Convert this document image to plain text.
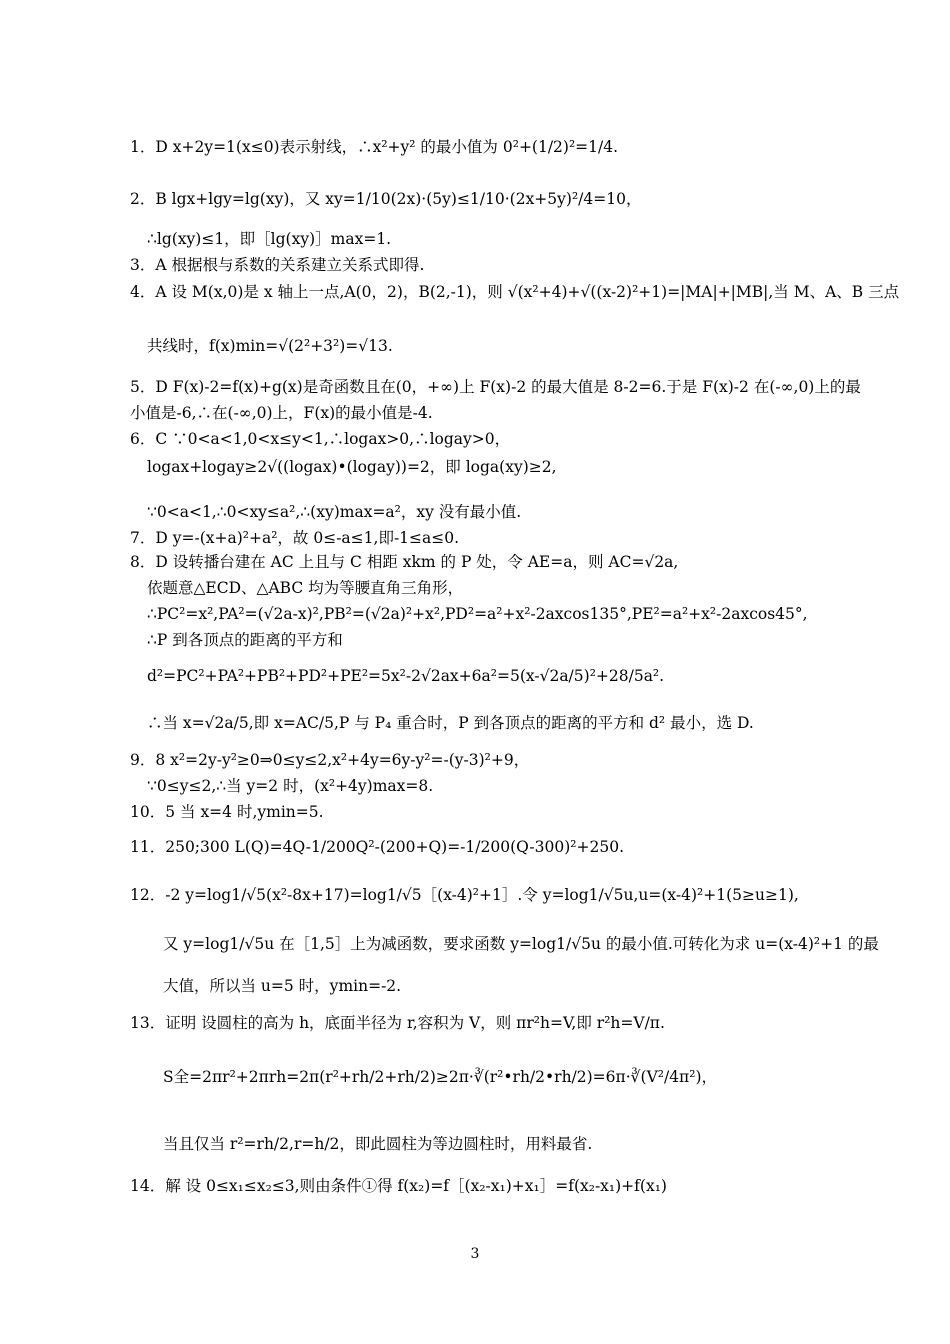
1．D x+2y=1(x≤0)表示射线，∴x²+y² 的最小值为 0²+(1/2)²=1/4.
2．B lgx+lgy=lg(xy)，又 xy=1/10(2x)·(5y)≤1/10·(2x+5y)²/4=10，
∴lg(xy)≤1，即［lg(xy)］max=1.
3．A 根据根与系数的关系建立关系式即得.
4．A 设 M(x,0)是 x 轴上一点,A(0，2)，B(2,-1)，则 √(x²+4)+√((x-2)²+1)=|MA|+|MB|,当 M、A、B 三点
共线时，f(x)min=√(2²+3²)=√13.
5．D F(x)-2=f(x)+g(x)是奇函数且在(0，+∞)上 F(x)-2 的最大值是 8-2=6.于是 F(x)-2 在(-∞,0)上的最
小值是-6,∴在(-∞,0)上，F(x)的最小值是-4.
6．C ∵0<a<1,0<x≤y<1,∴logax>0,∴logay>0，
logax+logay≥2√((logax)•(logay))=2，即 loga(xy)≥2,
∵0<a<1,∴0<xy≤a²,∴(xy)max=a²，xy 没有最小值.
7．D y=-(x+a)²+a²，故 0≤-a≤1,即-1≤a≤0.
8．D 设转播台建在 AC 上且与 C 相距 xkm 的 P 处，令 AE=a，则 AC=√2a,
依题意△ECD、△ABC 均为等腰直角三角形，
∴PC²=x²,PA²=(√2a-x)²,PB²=(√2a)²+x²,PD²=a²+x²-2axcos135°,PE²=a²+x²-2axcos45°,
∴P 到各顶点的距离的平方和
d²=PC²+PA²+PB²+PD²+PE²=5x²-2√2ax+6a²=5(x-√2a/5)²+28/5a².
∴当 x=√2a/5,即 x=AC/5,P 与 P₄ 重合时，P 到各顶点的距离的平方和 d² 最小，选 D.
9．8 x²=2y-y²≥0⇒0≤y≤2,x²+4y=6y-y²=-(y-3)²+9，
∵0≤y≤2,∴当 y=2 时，(x²+4y)max=8.
10．5 当 x=4 时,ymin=5.
11．250;300 L(Q)=4Q-1/200Q²-(200+Q)=-1/200(Q-300)²+250.
12．-2 y=log1/√5(x²-8x+17)=log1/√5［(x-4)²+1］.令 y=log1/√5u,u=(x-4)²+1(5≥u≥1),
又 y=log1/√5u 在［1,5］上为减函数，要求函数 y=log1/√5u 的最小值.可转化为求 u=(x-4)²+1 的最
大值，所以当 u=5 时，ymin=-2.
13．证明 设圆柱的高为 h，底面半径为 r,容积为 V，则 πr²h=V,即 r²h=V/π.
S全=2πr²+2πrh=2π(r²+rh/2+rh/2)≥2π·∛(r²•rh/2•rh/2)=6π·∛(V²/4π²)，
当且仅当 r²=rh/2,r=h/2，即此圆柱为等边圆柱时，用料最省.
14．解 设 0≤x₁≤x₂≤3,则由条件①得 f(x₂)=f［(x₂-x₁)+x₁］=f(x₂-x₁)+f(x₁)
3
